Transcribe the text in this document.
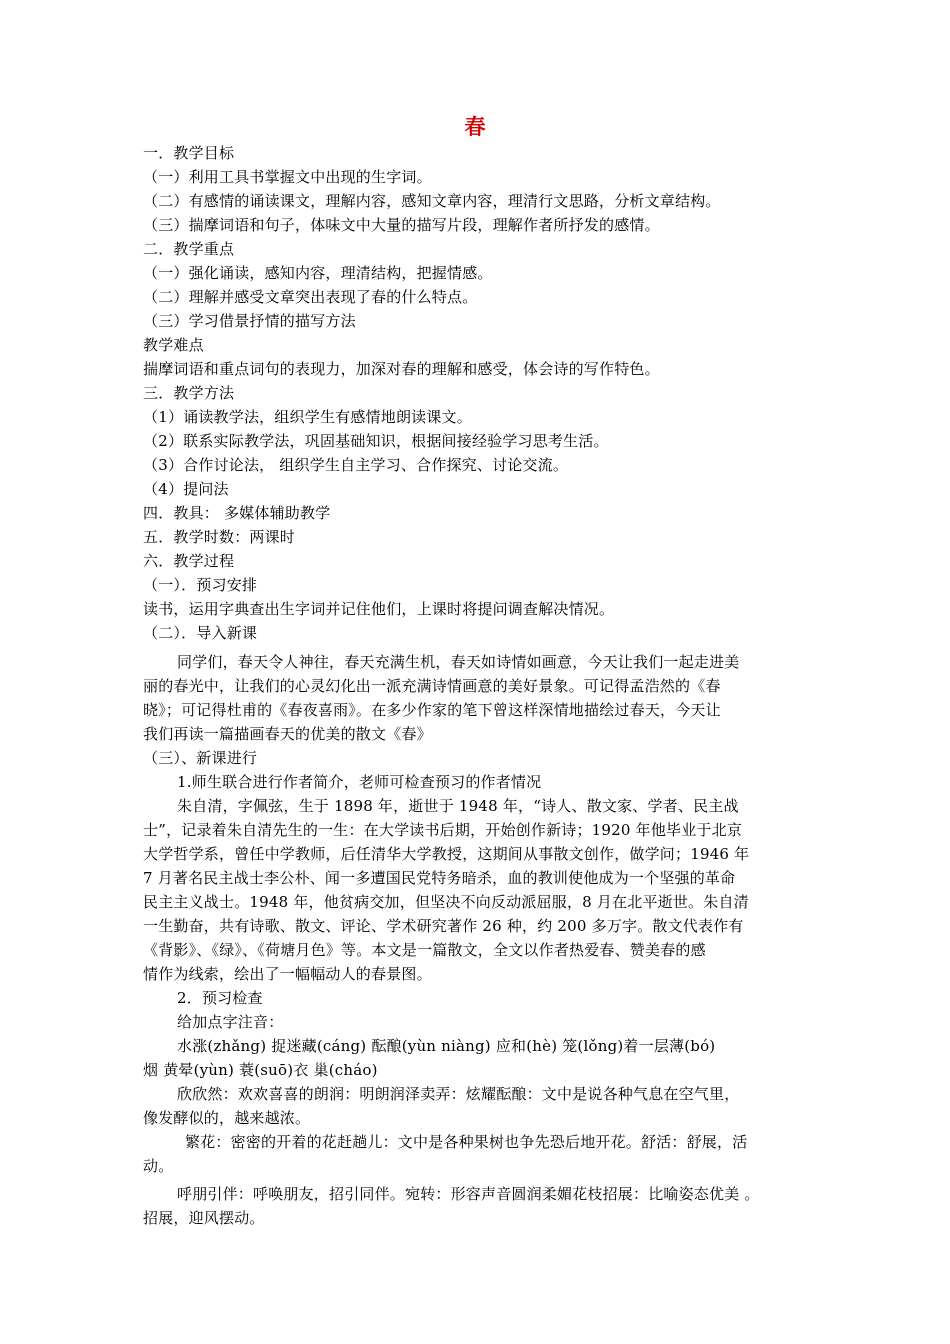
春
一．教学目标
（一）利用工具书掌握文中出现的生字词。
（二）有感情的诵读课文，理解内容，感知文章内容，理清行文思路，分析文章结构。
（三）揣摩词语和句子，体味文中大量的描写片段，理解作者所抒发的感情。
二．教学重点
（一）强化诵读，感知内容，理清结构，把握情感。
（二）理解并感受文章突出表现了春的什么特点。
（三）学习借景抒情的描写方法
教学难点
揣摩词语和重点词句的表现力，加深对春的理解和感受，体会诗的写作特色。
三．教学方法
（1）诵读教学法，组织学生有感情地朗读课文。
（2）联系实际教学法，巩固基础知识，根据间接经验学习思考生活。
（3）合作讨论法， 组织学生自主学习、合作探究、讨论交流。
（4）提问法
四．教具： 多媒体辅助教学
五．教学时数：两课时
六．教学过程
（一）．预习安排
读书，运用字典查出生字词并记住他们，上课时将提问调查解决情况。
（二）．导入新课
同学们，春天令人神往，春天充满生机，春天如诗情如画意，今天让我们一起走进美
丽的春光中，让我们的心灵幻化出一派充满诗情画意的美好景象。可记得孟浩然的《春
晓》；可记得杜甫的《春夜喜雨》。在多少作家的笔下曾这样深情地描绘过春天，今天让
我们再读一篇描画春天的优美的散文《春》
（三）、新课进行
1.师生联合进行作者简介，老师可检查预习的作者情况
朱自清，字佩弦，生于 1898 年，逝世于 1948 年，“诗人、散文家、学者、民主战
士”，记录着朱自清先生的一生：在大学读书后期，开始创作新诗；1920 年他毕业于北京
大学哲学系，曾任中学教师，后任清华大学教授，这期间从事散文创作，做学问；1946 年
7 月著名民主战士李公朴、闻一多遭国民党特务暗杀，血的教训使他成为一个坚强的革命
民主主义战士。1948 年，他贫病交加，但坚决不向反动派屈服，8 月在北平逝世。朱自清
一生勤奋，共有诗歌、散文、评论、学术研究著作 26 种，约 200 多万字。散文代表作有
《背影》、《绿》、《荷塘月色》等。本文是一篇散文，全文以作者热爱春、赞美春的感
情作为线索，绘出了一幅幅动人的春景图。
2．预习检查
给加点字注音：
水涨(zhǎng) 捉迷藏(cáng) 酝酿(yùn niàng) 应和(hè) 笼(lǒng)着一层薄(bó)
烟 黄晕(yùn) 蓑(suō)衣 巢(cháo)
欣欣然：欢欢喜喜的朗润：明朗润泽卖弄：炫耀酝酿：文中是说各种气息在空气里，
像发酵似的，越来越浓。
繁花：密密的开着的花赶趟儿：文中是各种果树也争先恐后地开花。舒活：舒展，活
动。
呼朋引伴：呼唤朋友，招引同伴。宛转：形容声音圆润柔媚花枝招展：比喻姿态优美 。
招展，迎风摆动。
